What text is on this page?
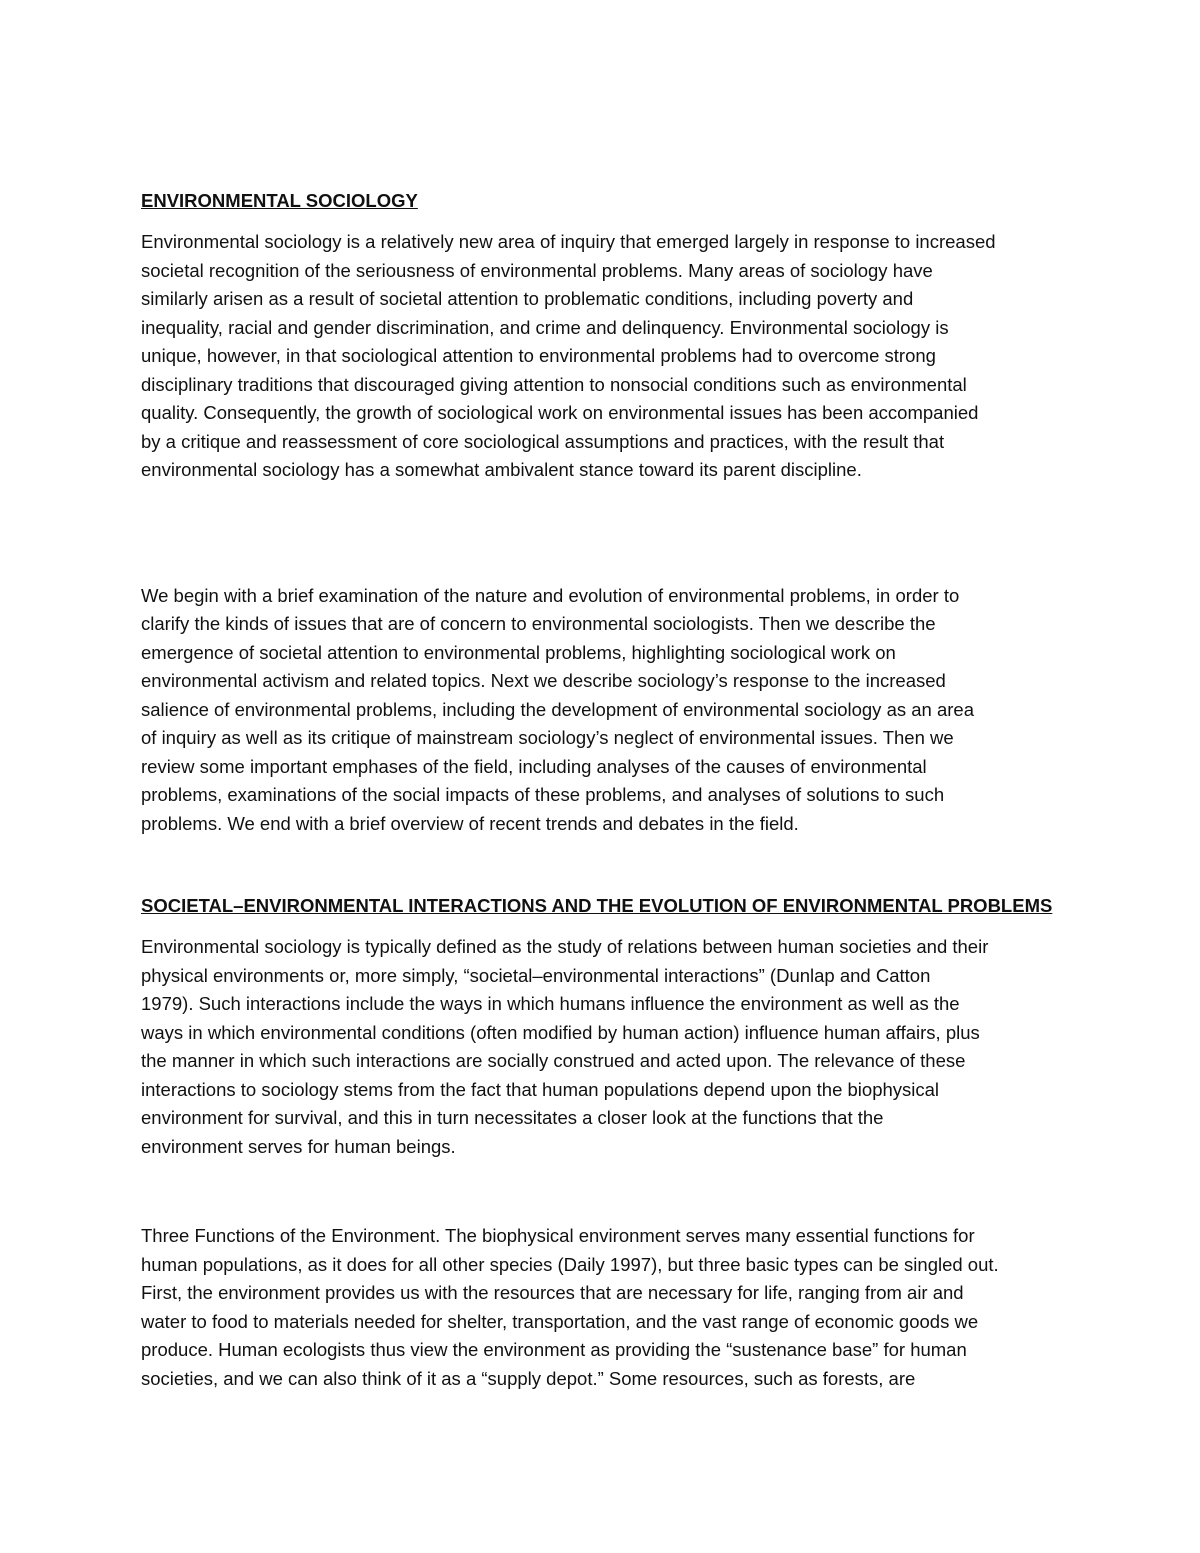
ENVIRONMENTAL SOCIOLOGY

Environmental sociology is a relatively new area of inquiry that emerged largely in response to increased
societal recognition of the seriousness of environmental problems. Many areas of sociology have
similarly arisen as a result of societal attention to problematic conditions, including poverty and
inequality, racial and gender discrimination, and crime and delinquency. Environmental sociology is
unique, however, in that sociological attention to environmental problems had to overcome strong
disciplinary traditions that discouraged giving attention to nonsocial conditions such as environmental
quality. Consequently, the growth of sociological work on environmental issues has been accompanied
by a critique and reassessment of core sociological assumptions and practices, with the result that
environmental sociology has a somewhat ambivalent stance toward its parent discipline.

We begin with a brief examination of the nature and evolution of environmental problems, in order to
clarify the kinds of issues that are of concern to environmental sociologists. Then we describe the
emergence of societal attention to environmental problems, highlighting sociological work on
environmental activism and related topics. Next we describe sociology’s response to the increased
salience of environmental problems, including the development of environmental sociology as an area
of inquiry as well as its critique of mainstream sociology’s neglect of environmental issues. Then we
review some important emphases of the field, including analyses of the causes of environmental
problems, examinations of the social impacts of these problems, and analyses of solutions to such
problems. We end with a brief overview of recent trends and debates in the field.

SOCIETAL–ENVIRONMENTAL INTERACTIONS AND THE EVOLUTION OF ENVIRONMENTAL PROBLEMS

Environmental sociology is typically defined as the study of relations between human societies and their
physical environments or, more simply, “societal–environmental interactions” (Dunlap and Catton
1979). Such interactions include the ways in which humans influence the environment as well as the
ways in which environmental conditions (often modified by human action) influence human affairs, plus
the manner in which such interactions are socially construed and acted upon. The relevance of these
interactions to sociology stems from the fact that human populations depend upon the biophysical
environment for survival, and this in turn necessitates a closer look at the functions that the
environment serves for human beings.

Three Functions of the Environment. The biophysical environment serves many essential functions for
human populations, as it does for all other species (Daily 1997), but three basic types can be singled out.
First, the environment provides us with the resources that are necessary for life, ranging from air and
water to food to materials needed for shelter, transportation, and the vast range of economic goods we
produce. Human ecologists thus view the environment as providing the “sustenance base” for human
societies, and we can also think of it as a “supply depot.” Some resources, such as forests, are
